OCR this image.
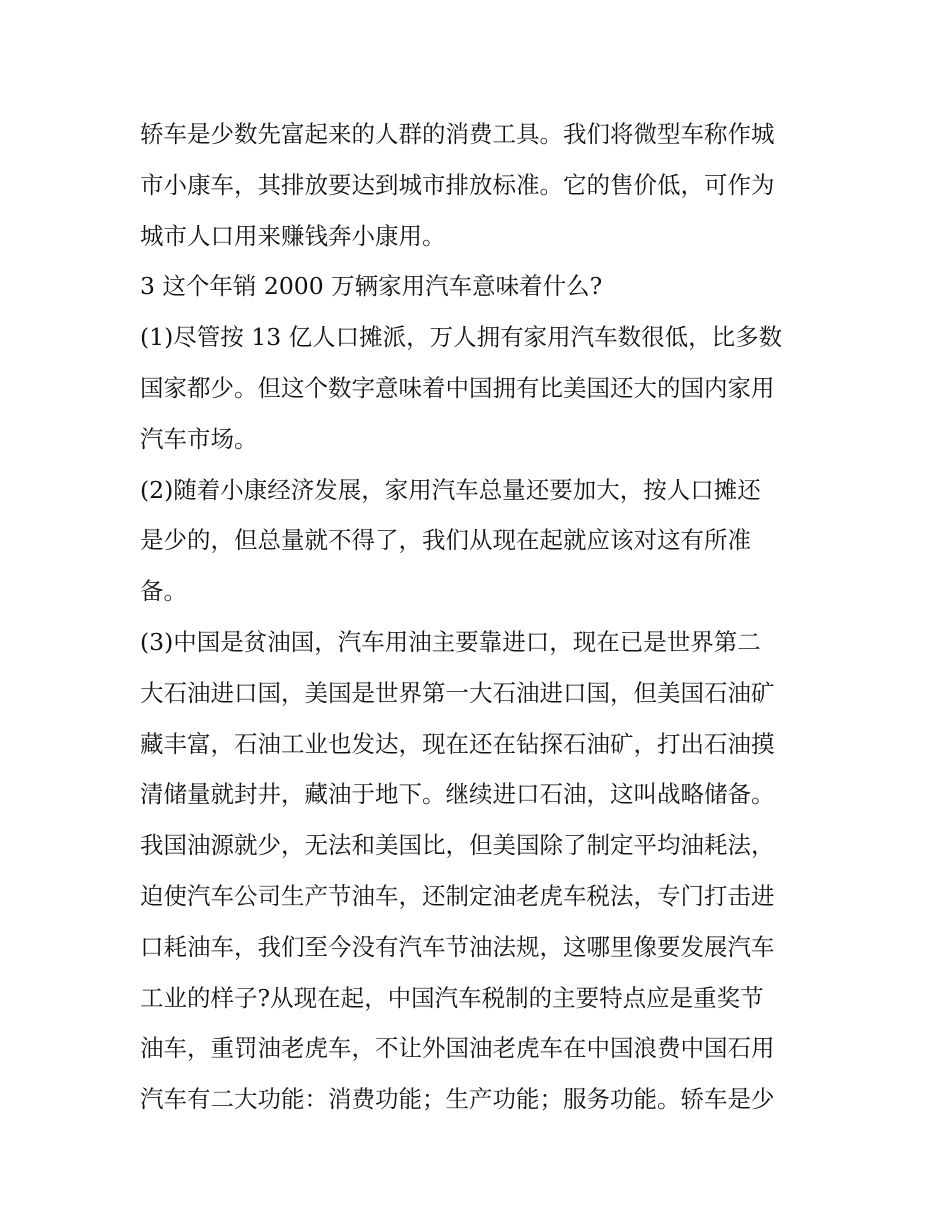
轿车是少数先富起来的人群的消费工具。我们将微型车称作城
市小康车，其排放要达到城市排放标准。它的售价低，可作为
城市人口用来赚钱奔小康用。
3 这个年销 2000 万辆家用汽车意味着什么?
(1)尽管按 13 亿人口摊派，万人拥有家用汽车数很低，比多数
国家都少。但这个数字意味着中国拥有比美国还大的国内家用
汽车市场。
(2)随着小康经济发展，家用汽车总量还要加大，按人口摊还
是少的，但总量就不得了，我们从现在起就应该对这有所准
备。
(3)中国是贫油国，汽车用油主要靠进口，现在已是世界第二
大石油进口国，美国是世界第一大石油进口国，但美国石油矿
藏丰富，石油工业也发达，现在还在钻探石油矿，打出石油摸
清储量就封井，藏油于地下。继续进口石油，这叫战略储备。
我国油源就少，无法和美国比，但美国除了制定平均油耗法，
迫使汽车公司生产节油车，还制定油老虎车税法，专门打击进
口耗油车，我们至今没有汽车节油法规，这哪里像要发展汽车
工业的样子?从现在起，中国汽车税制的主要特点应是重奖节
油车，重罚油老虎车，不让外国油老虎车在中国浪费中国石用
汽车有二大功能：消费功能；生产功能；服务功能。轿车是少
